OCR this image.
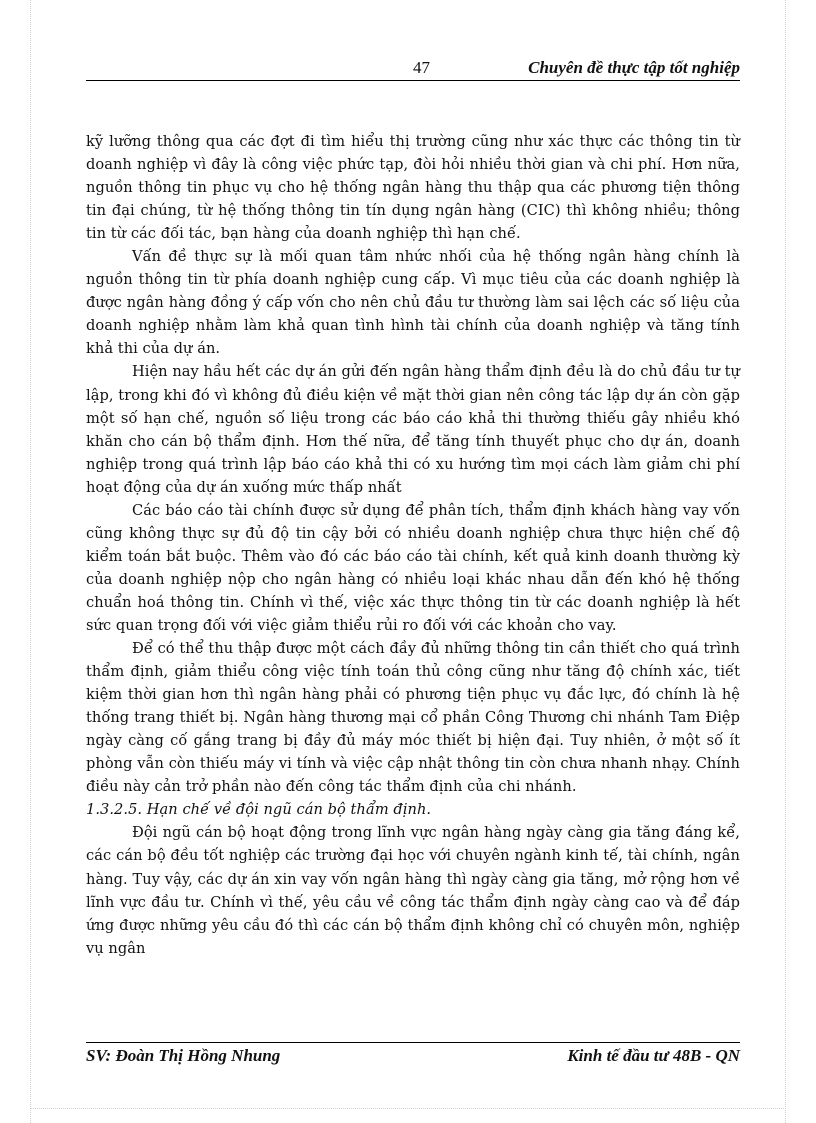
47	Chuyên đề thực tập tốt nghiệp

kỹ lưỡng thông qua các đợt đi tìm hiểu thị trường cũng như xác thực các thông tin từ doanh nghiệp vì đây là công việc phức tạp, đòi hỏi nhiều thời gian và chi phí. Hơn nữa, nguồn thông tin phục vụ cho hệ thống ngân hàng thu thập qua các phương tiện thông tin đại chúng, từ hệ thống thông tin tín dụng ngân hàng (CIC) thì không nhiều; thông tin từ các đối tác, bạn hàng của doanh nghiệp thì hạn chế.

Vấn đề thực sự là mối quan tâm nhức nhối của hệ thống ngân hàng chính là nguồn thông tin từ phía doanh nghiệp cung cấp. Vì mục tiêu của các doanh nghiệp là được ngân hàng đồng ý cấp vốn cho nên chủ đầu tư thường làm sai lệch các số liệu của doanh nghiệp nhằm làm khả quan tình hình tài chính của doanh nghiệp và tăng tính khả thi của dự án.

Hiện nay hầu hết các dự án gửi đến ngân hàng thẩm định đều là do chủ đầu tư tự lập, trong khi đó vì không đủ điều kiện về mặt thời gian nên công tác lập dự án còn gặp một số hạn chế, nguồn số liệu trong các báo cáo khả thi thường thiếu gây nhiều khó khăn cho cán bộ thẩm định. Hơn thế nữa, để tăng tính thuyết phục cho dự án, doanh nghiệp trong quá trình lập báo cáo khả thi có xu hướng tìm mọi cách làm giảm chi phí hoạt động của dự án xuống mức thấp nhất

Các báo cáo tài chính được sử dụng để phân tích, thẩm định khách hàng vay vốn cũng không thực sự đủ độ tin cậy bởi có nhiều doanh nghiệp chưa thực hiện chế độ kiểm toán bắt buộc. Thêm vào đó các báo cáo tài chính, kết quả kinh doanh thường kỳ của doanh nghiệp nộp cho ngân hàng có nhiều loại khác nhau dẫn đến khó hệ thống chuẩn hoá thông tin. Chính vì thế, việc xác thực thông tin từ các doanh nghiệp là hết sức quan trọng đối với việc giảm thiểu rủi ro đối với các khoản cho vay.

Để có thể thu thập được một cách đầy đủ những thông tin cần thiết cho quá trình thẩm định, giảm thiểu công việc tính toán thủ công cũng như tăng độ chính xác, tiết kiệm thời gian hơn thì ngân hàng phải có phương tiện phục vụ đắc lực, đó chính là hệ thống trang thiết bị. Ngân hàng thương mại cổ phần Công Thương chi nhánh Tam Điệp ngày càng cố gắng trang bị đầy đủ máy móc thiết bị hiện đại. Tuy nhiên, ở một số ít phòng vẫn còn thiếu máy vi tính và việc cập nhật thông tin còn chưa nhanh nhạy. Chính điều này cản trở phần nào đến công tác thẩm định của chi nhánh.

1.3.2.5. Hạn chế về đội ngũ cán bộ thẩm định.

Đội ngũ cán bộ hoạt động trong lĩnh vực ngân hàng ngày càng gia tăng đáng kể, các cán bộ đều tốt nghiệp các trường đại học với chuyên ngành kinh tế, tài chính, ngân hàng. Tuy vậy, các dự án xin vay vốn ngân hàng thì ngày càng gia tăng, mở rộng hơn về lĩnh vực đầu tư. Chính vì thế, yêu cầu về công tác thẩm định ngày càng cao và để đáp ứng được những yêu cầu đó thì các cán bộ thẩm định không chỉ có chuyên môn, nghiệp vụ ngân

SV: Đoàn Thị Hồng Nhung	Kinh tế đầu tư 48B - QN
